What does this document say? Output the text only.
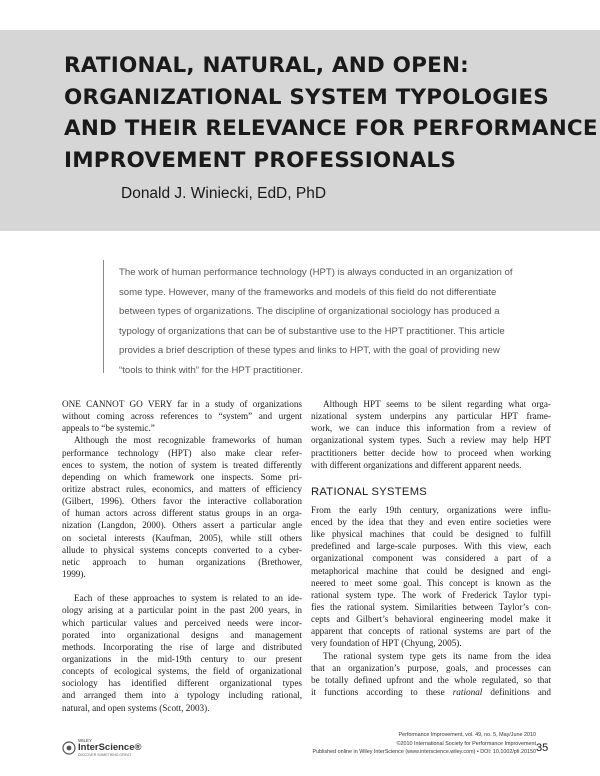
RATIONAL, NATURAL, AND OPEN:
ORGANIZATIONAL SYSTEM TYPOLOGIES
AND THEIR RELEVANCE FOR PERFORMANCE
IMPROVEMENT PROFESSIONALS
Donald J. Winiecki, EdD, PhD
The work of human performance technology (HPT) is always conducted in an organization of
some type. However, many of the frameworks and models of this field do not differentiate
between types of organizations. The discipline of organizational sociology has produced a
typology of organizations that can be of substantive use to the HPT practitioner. This article
provides a brief description of these types and links to HPT, with the goal of providing new
“tools to think with” for the HPT practitioner.
ONE CANNOT GO VERY far in a study of organizations
without coming across references to “system” and urgent
appeals to “be systemic.”
Although the most recognizable frameworks of human
performance technology (HPT) also make clear refer-
ences to system, the notion of system is treated differently
depending on which framework one inspects. Some pri-
oritize abstract rules, economics, and matters of efficiency
(Gilbert, 1996). Others favor the interactive collaboration
of human actors across different status groups in an orga-
nization (Langdon, 2000). Others assert a particular angle
on societal interests (Kaufman, 2005), while still others
allude to physical systems concepts converted to a cyber-
netic approach to human organizations (Brethower,
1999).
Each of these approaches to system is related to an ide-
ology arising at a particular point in the past 200 years, in
which particular values and perceived needs were incor-
porated into organizational designs and management
methods. Incorporating the rise of large and distributed
organizations in the mid-19th century to our present
concepts of ecological systems, the field of organizational
sociology has identified different organizational types
and arranged them into a typology including rational,
natural, and open systems (Scott, 2003).
Although HPT seems to be silent regarding what orga-
nizational system underpins any particular HPT frame-
work, we can induce this information from a review of
organizational system types. Such a review may help HPT
practitioners better decide how to proceed when working
with different organizations and different apparent needs.
RATIONAL SYSTEMS
From the early 19th century, organizations were influ-
enced by the idea that they and even entire societies were
like physical machines that could be designed to fulfill
predefined and large-scale purposes. With this view, each
organizational component was considered a part of a
metaphorical machine that could be designed and engi-
neered to meet some goal. This concept is known as the
rational system type. The work of Frederick Taylor typi-
fies the rational system. Similarities between Taylor’s con-
cepts and Gilbert’s behavioral engineering model make it
apparent that concepts of rational systems are part of the
very foundation of HPT (Chyung, 2005).
The rational system type gets its name from the idea
that an organization’s purpose, goals, and processes can
be totally defined upfront and the whole regulated, so that
it functions according to these rational definitions and
WILEY
InterScience®
DISCOVER SOMETHING GREAT
Performance Improvement, vol. 49, no. 5, May/June 2010
©2010 International Society for Performance Improvement
Published online in Wiley InterScience (www.interscience.wiley.com) • DOI: 10.1002/pfi.20150 35
